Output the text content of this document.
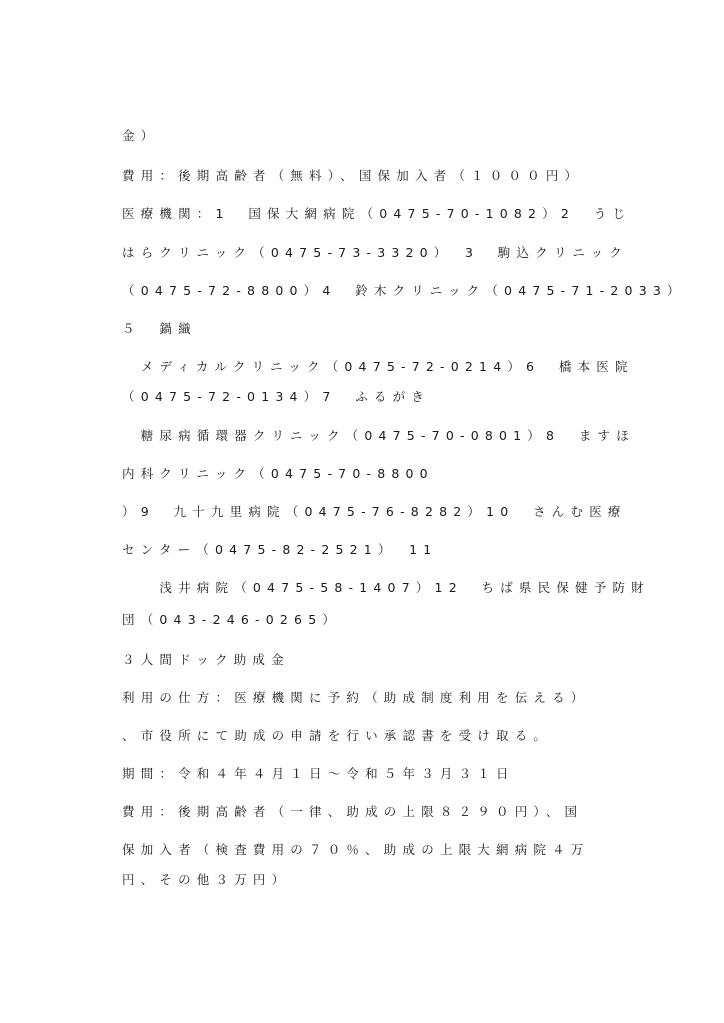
金）
費用：後期高齢者（無料）、国保加入者（１０００円）
医療機関：1　国保大網病院（0475-70-1082）2　うじ
はらクリニック（0475-73-3320）　3　駒込クリニック
（0475-72-8800）4　鈴木クリニック（0475-71-2033）
５　鍋織
　メディカルクリニック（0475-72-0214）6　橋本医院
（0475-72-0134）7　ふるがき
　糖尿病循環器クリニック（0475-70-0801）8　ますほ
内科クリニック（0475-70-8800
）9　九十九里病院（0475-76-8282）10　さんむ医療
センター（0475-82-2521）　11
　　浅井病院（0475-58-1407）12　ちば県民保健予防財
団（043-246-0265）
３人間ドック助成金
利用の仕方：医療機関に予約（助成制度利用を伝える）
、市役所にて助成の申請を行い承認書を受け取る。
期間：令和４年４月１日～令和５年３月３１日
費用：後期高齢者（一律、助成の上限８２９０円）、国
保加入者（検査費用の７０％、助成の上限大網病院４万
円、その他３万円）
